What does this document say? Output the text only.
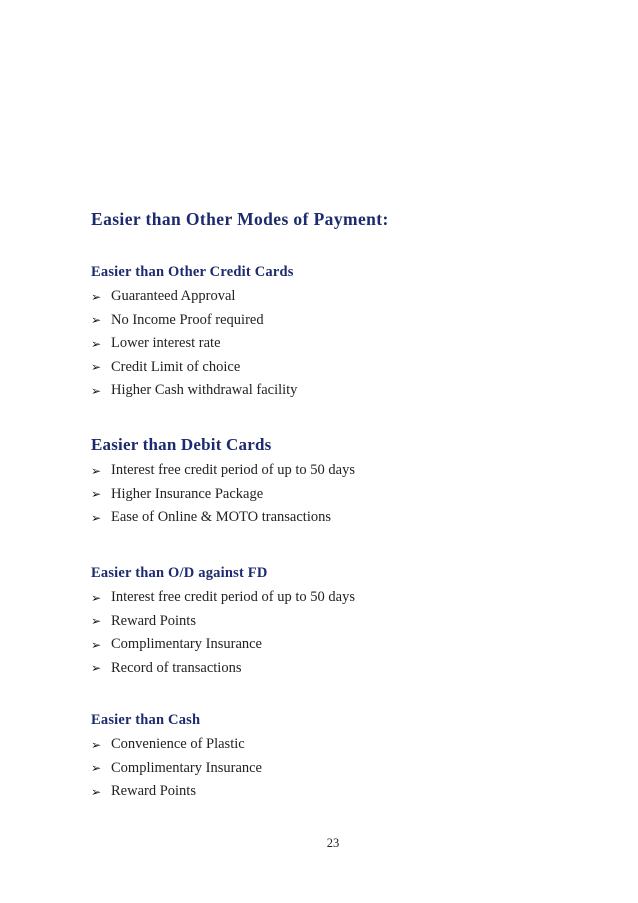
Easier than Other Modes of Payment:
Easier than Other Credit Cards
➢ Guaranteed Approval
➢ No Income Proof required
➢ Lower interest rate
➢ Credit Limit of choice
➢ Higher Cash withdrawal facility
Easier than Debit Cards
➢ Interest free credit period of up to 50 days
➢ Higher Insurance Package
➢ Ease of Online & MOTO transactions
Easier than O/D against FD
➢ Interest free credit period of up to 50 days
➢ Reward Points
➢ Complimentary Insurance
➢ Record of transactions
Easier than Cash
➢ Convenience of Plastic
➢ Complimentary Insurance
➢ Reward Points

23
